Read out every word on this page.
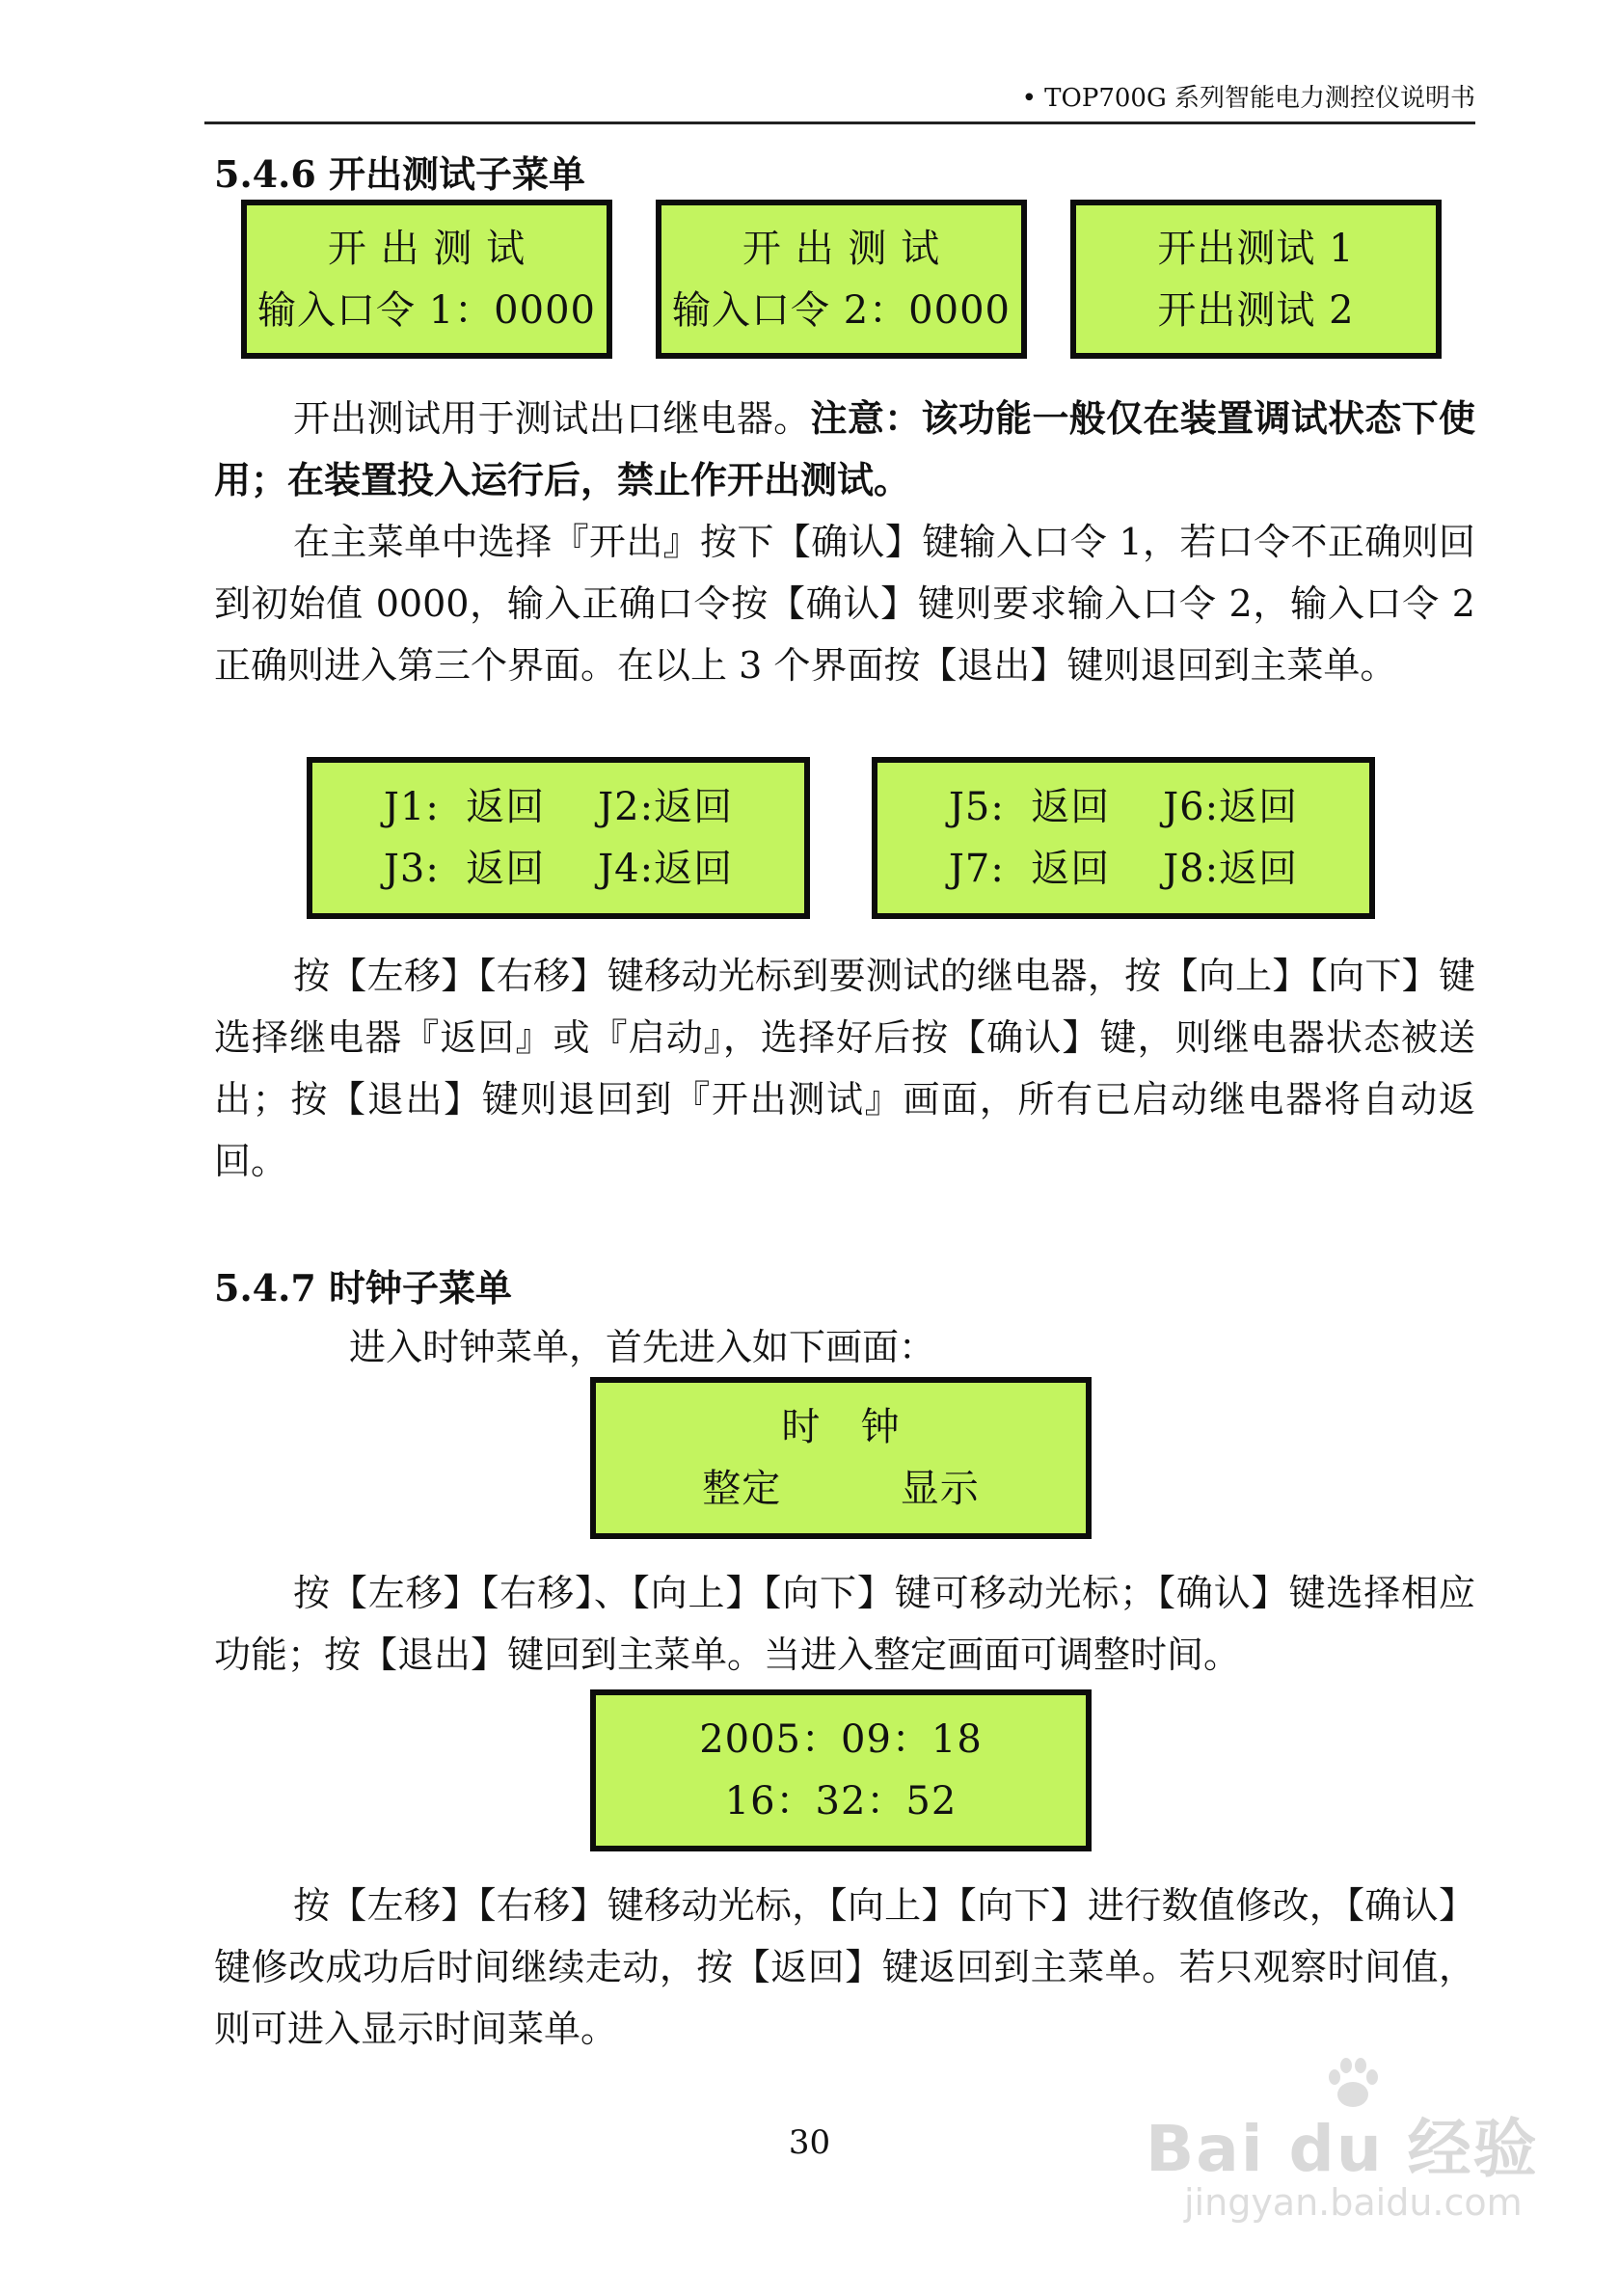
• TOP700G 系列智能电力测控仪说明书
5.4.6 开出测试子菜单
开 出 测 试
输入口令 1：0000
开 出 测 试
输入口令 2：0000
开出测试 1
开出测试 2
开出测试用于测试出口继电器。注意：该功能一般仅在装置调试状态下使用；在装置投入运行后，禁止作开出测试。
在主菜单中选择『开出』按下【确认】键输入口令 1，若口令不正确则回到初始值 0000，输入正确口令按【确认】键则要求输入口令 2，输入口令 2 正确则进入第三个界面。在以上 3 个界面按【退出】键则退回到主菜单。
J1:  返回    J2:返回
J3:  返回    J4:返回
J5:  返回    J6:返回
J7:  返回    J8:返回
按【左移】【右移】键移动光标到要测试的继电器，按【向上】【向下】键选择继电器『返回』或『启动』，选择好后按【确认】键，则继电器状态被送出；按【退出】键则退回到『开出测试』画面，所有已启动继电器将自动返回。
5.4.7 时钟子菜单
进入时钟菜单，首先进入如下画面：
时   钟
整定         显示
按【左移】【右移】、【向上】【向下】键可移动光标；【确认】键选择相应功能；按【退出】键回到主菜单。当进入整定画面可调整时间。
2005：09：18
16：32：52
按【左移】【右移】键移动光标，【向上】【向下】进行数值修改，【确认】键修改成功后时间继续走动，按【返回】键返回到主菜单。若只观察时间值，则可进入显示时间菜单。
30	Bai du 经验
jingyan.baidu.com
